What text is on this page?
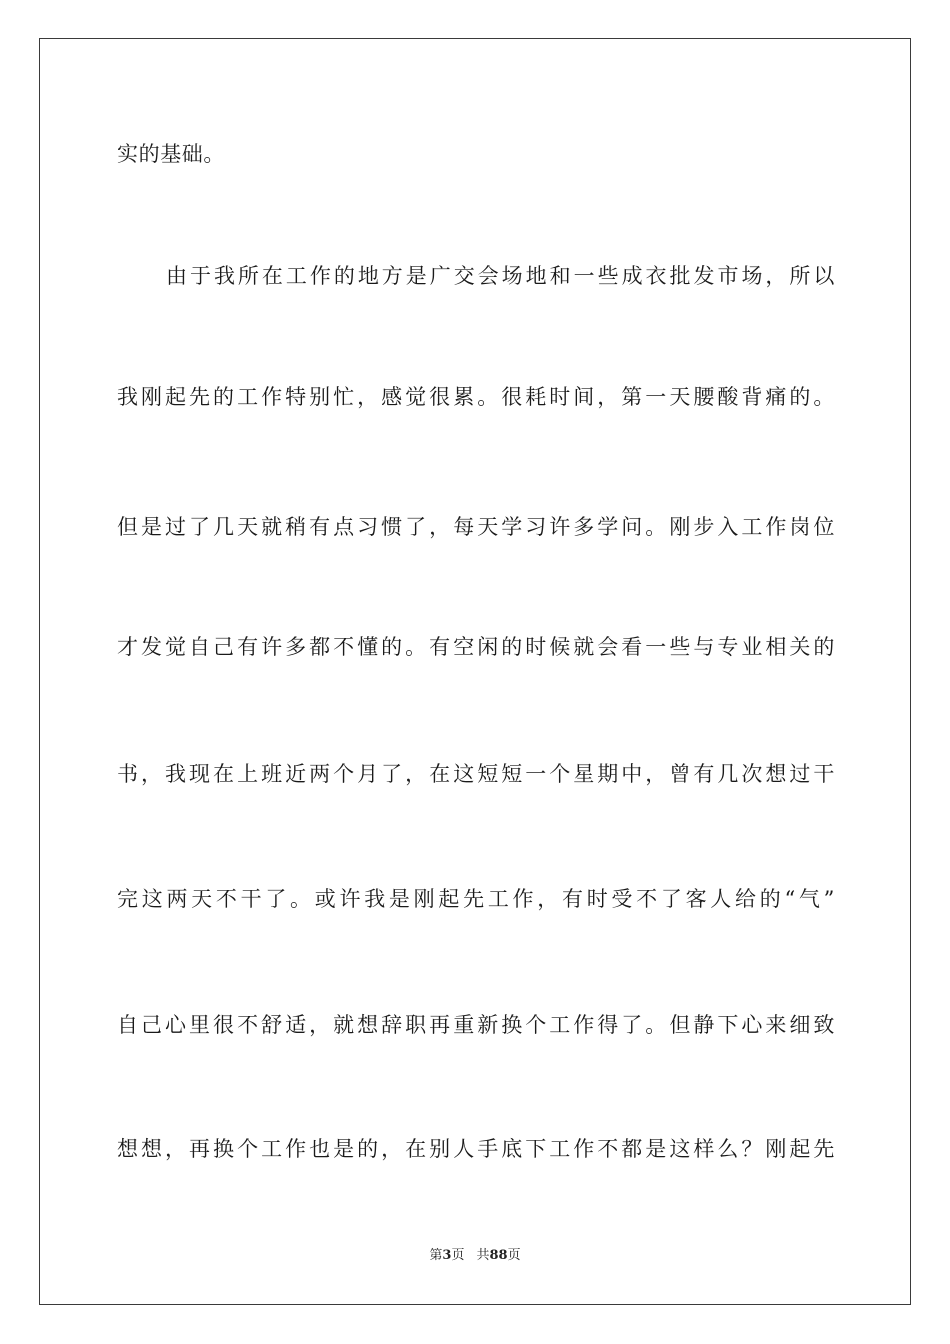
实的基础。
由于我所在工作的地方是广交会场地和一些成衣批发市场，所以
我刚起先的工作特别忙，感觉很累。很耗时间，第一天腰酸背痛的。
但是过了几天就稍有点习惯了，每天学习许多学问。刚步入工作岗位
才发觉自己有许多都不懂的。有空闲的时候就会看一些与专业相关的
书，我现在上班近两个月了，在这短短一个星期中，曾有几次想过干
完这两天不干了。或许我是刚起先工作，有时受不了客人给的“气”
自己心里很不舒适，就想辞职再重新换个工作得了。但静下心来细致
想想，再换个工作也是的，在别人手底下工作不都是这样么？刚起先
第3页 共88页
